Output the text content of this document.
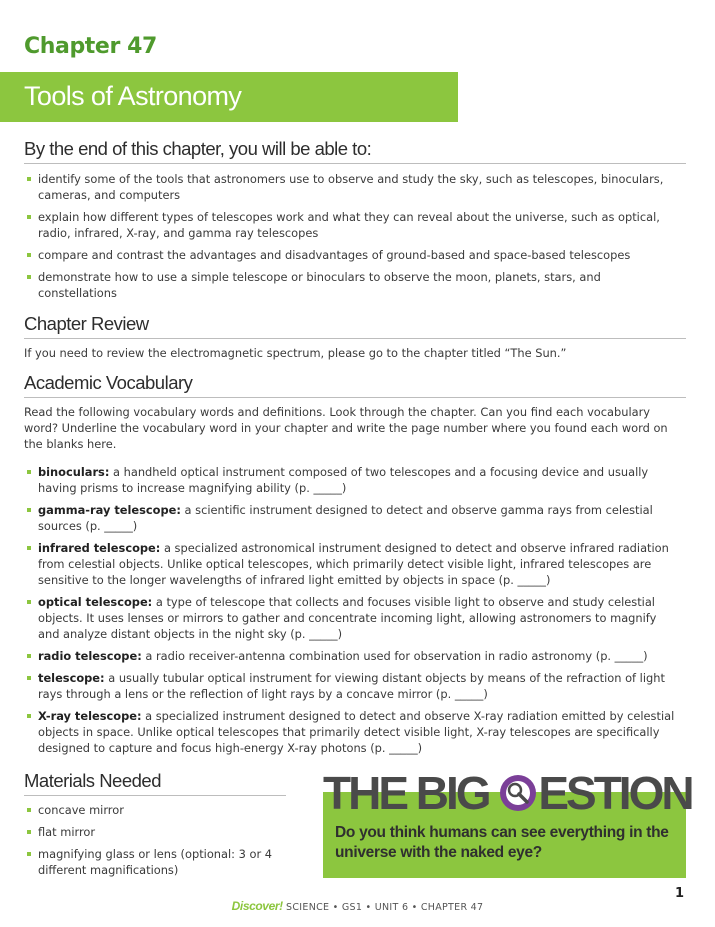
Chapter 47
Tools of Astronomy
By the end of this chapter, you will be able to:
identify some of the tools that astronomers use to observe and study the sky, such as telescopes, binoculars, cameras, and computers
explain how different types of telescopes work and what they can reveal about the universe, such as optical, radio, infrared, X-ray, and gamma ray telescopes
compare and contrast the advantages and disadvantages of ground-based and space-based telescopes
demonstrate how to use a simple telescope or binoculars to observe the moon, planets, stars, and constellations
Chapter Review
If you need to review the electromagnetic spectrum, please go to the chapter titled “The Sun.”
Academic Vocabulary
Read the following vocabulary words and definitions. Look through the chapter. Can you find each vocabulary word? Underline the vocabulary word in your chapter and write the page number where you found each word on the blanks here.
binoculars: a handheld optical instrument composed of two telescopes and a focusing device and usually having prisms to increase magnifying ability (p. _____)
gamma-ray telescope: a scientific instrument designed to detect and observe gamma rays from celestial sources (p. _____)
infrared telescope: a specialized astronomical instrument designed to detect and observe infrared radiation from celestial objects. Unlike optical telescopes, which primarily detect visible light, infrared telescopes are sensitive to the longer wavelengths of infrared light emitted by objects in space (p. _____)
optical telescope: a type of telescope that collects and focuses visible light to observe and study celestial objects. It uses lenses or mirrors to gather and concentrate incoming light, allowing astronomers to magnify and analyze distant objects in the night sky (p. _____)
radio telescope: a radio receiver-antenna combination used for observation in radio astronomy (p. _____)
telescope: a usually tubular optical instrument for viewing distant objects by means of the refraction of light rays through a lens or the reflection of light rays by a concave mirror (p. _____)
X-ray telescope: a specialized instrument designed to detect and observe X-ray radiation emitted by celestial objects in space. Unlike optical telescopes that primarily detect visible light, X-ray telescopes are specifically designed to capture and focus high-energy X-ray photons (p. _____)
Materials Needed
concave mirror
flat mirror
magnifying glass or lens (optional: 3 or 4 different magnifications)
THE BIG ESTION
Do you think humans can see everything in the universe with the naked eye?
1
Discover! SCIENCE • GS1 • UNIT 6 • CHAPTER 47
